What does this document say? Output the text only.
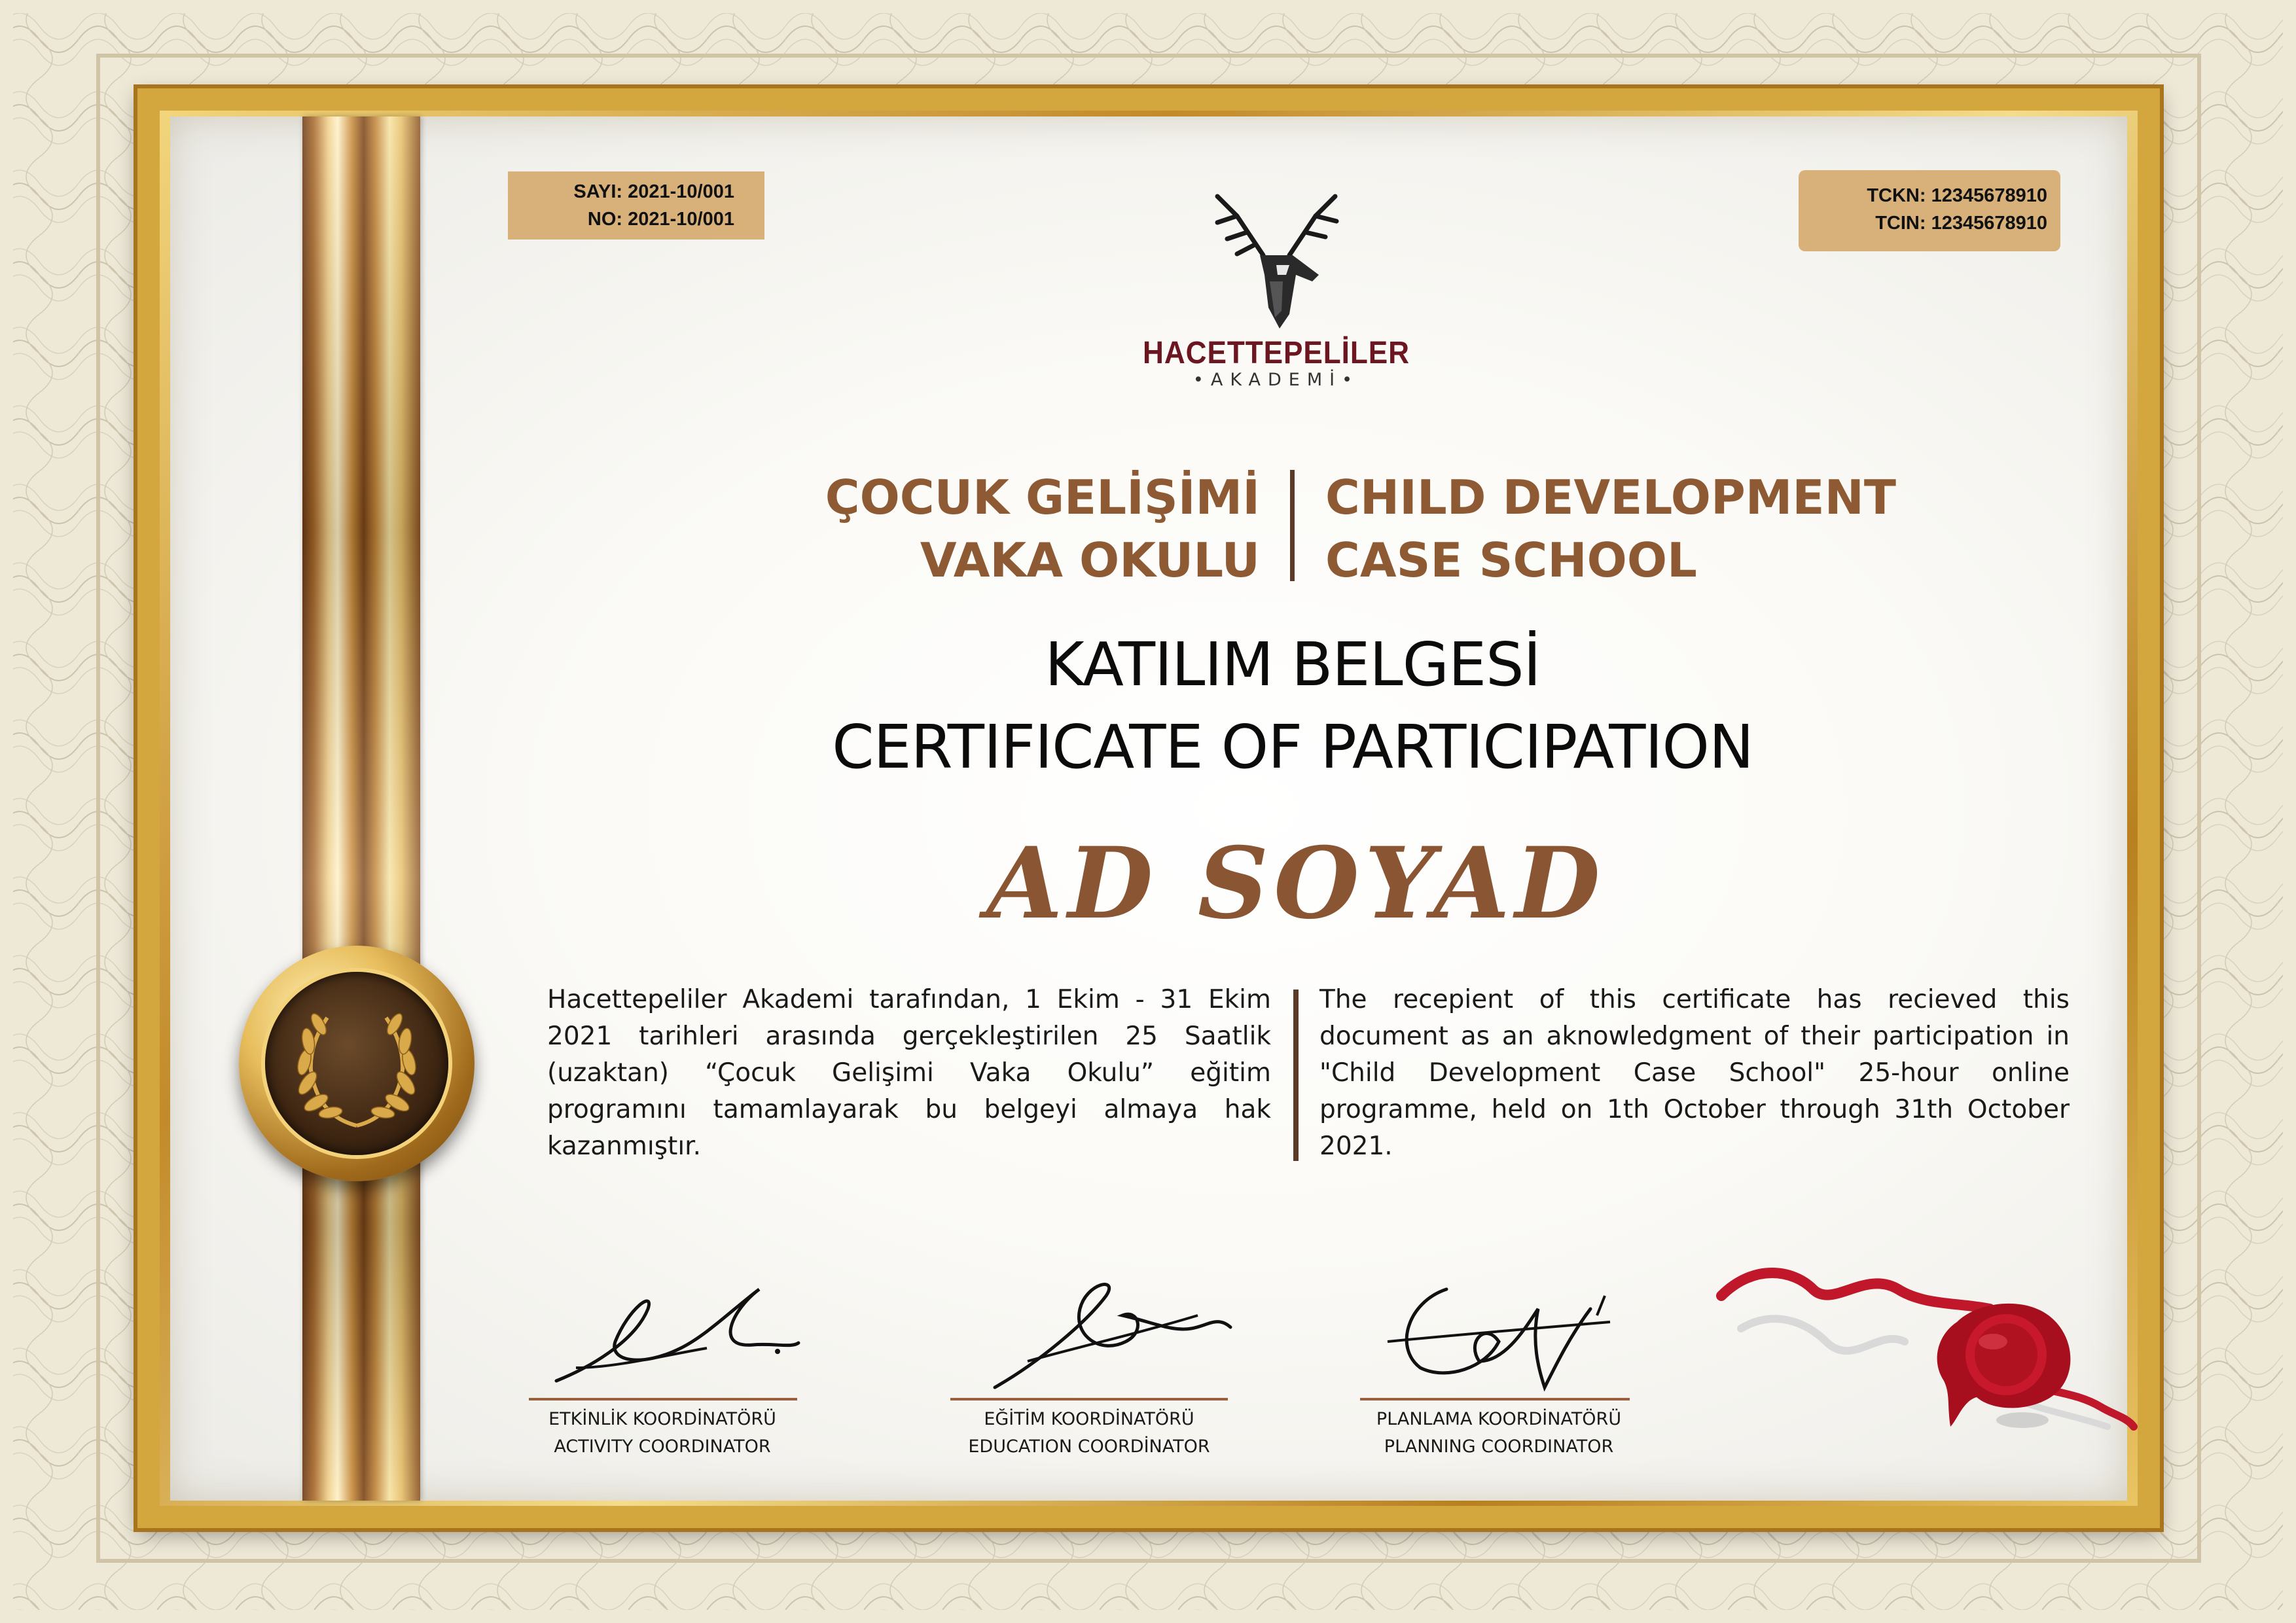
SAYI: 2021-10/001
NO: 2021-10/001
TCKN: 12345678910
TCIN: 12345678910
HACETTEPELİLER
•AKADEMİ•
ÇOCUK GELİŞİMİ
VAKA OKULU
CHILD DEVELOPMENT
CASE SCHOOL
KATILIM BELGESİ
CERTIFICATE OF PARTICIPATION
AD SOYAD
Hacettepeliler Akademi tarafından, 1 Ekim - 31 Ekim 2021 tarihleri arasında gerçekleştirilen 25 Saatlik (uzaktan) “Çocuk Gelişimi Vaka Okulu” eğitim programını tamamlayarak bu belgeyi almaya hak kazanmıştır.
The recepient of this certificate has recieved this document as an aknowledgment of their participation in "Child Development Case School" 25-hour online programme, held on 1th October through 31th October 2021.
ETKİNLİK KOORDİNATÖRÜ
ACTIVITY COORDINATOR
EĞİTİM KOORDİNATÖRÜ
EDUCATION COORDİNATOR
PLANLAMA KOORDİNATÖRÜ
PLANNING COORDINATOR
